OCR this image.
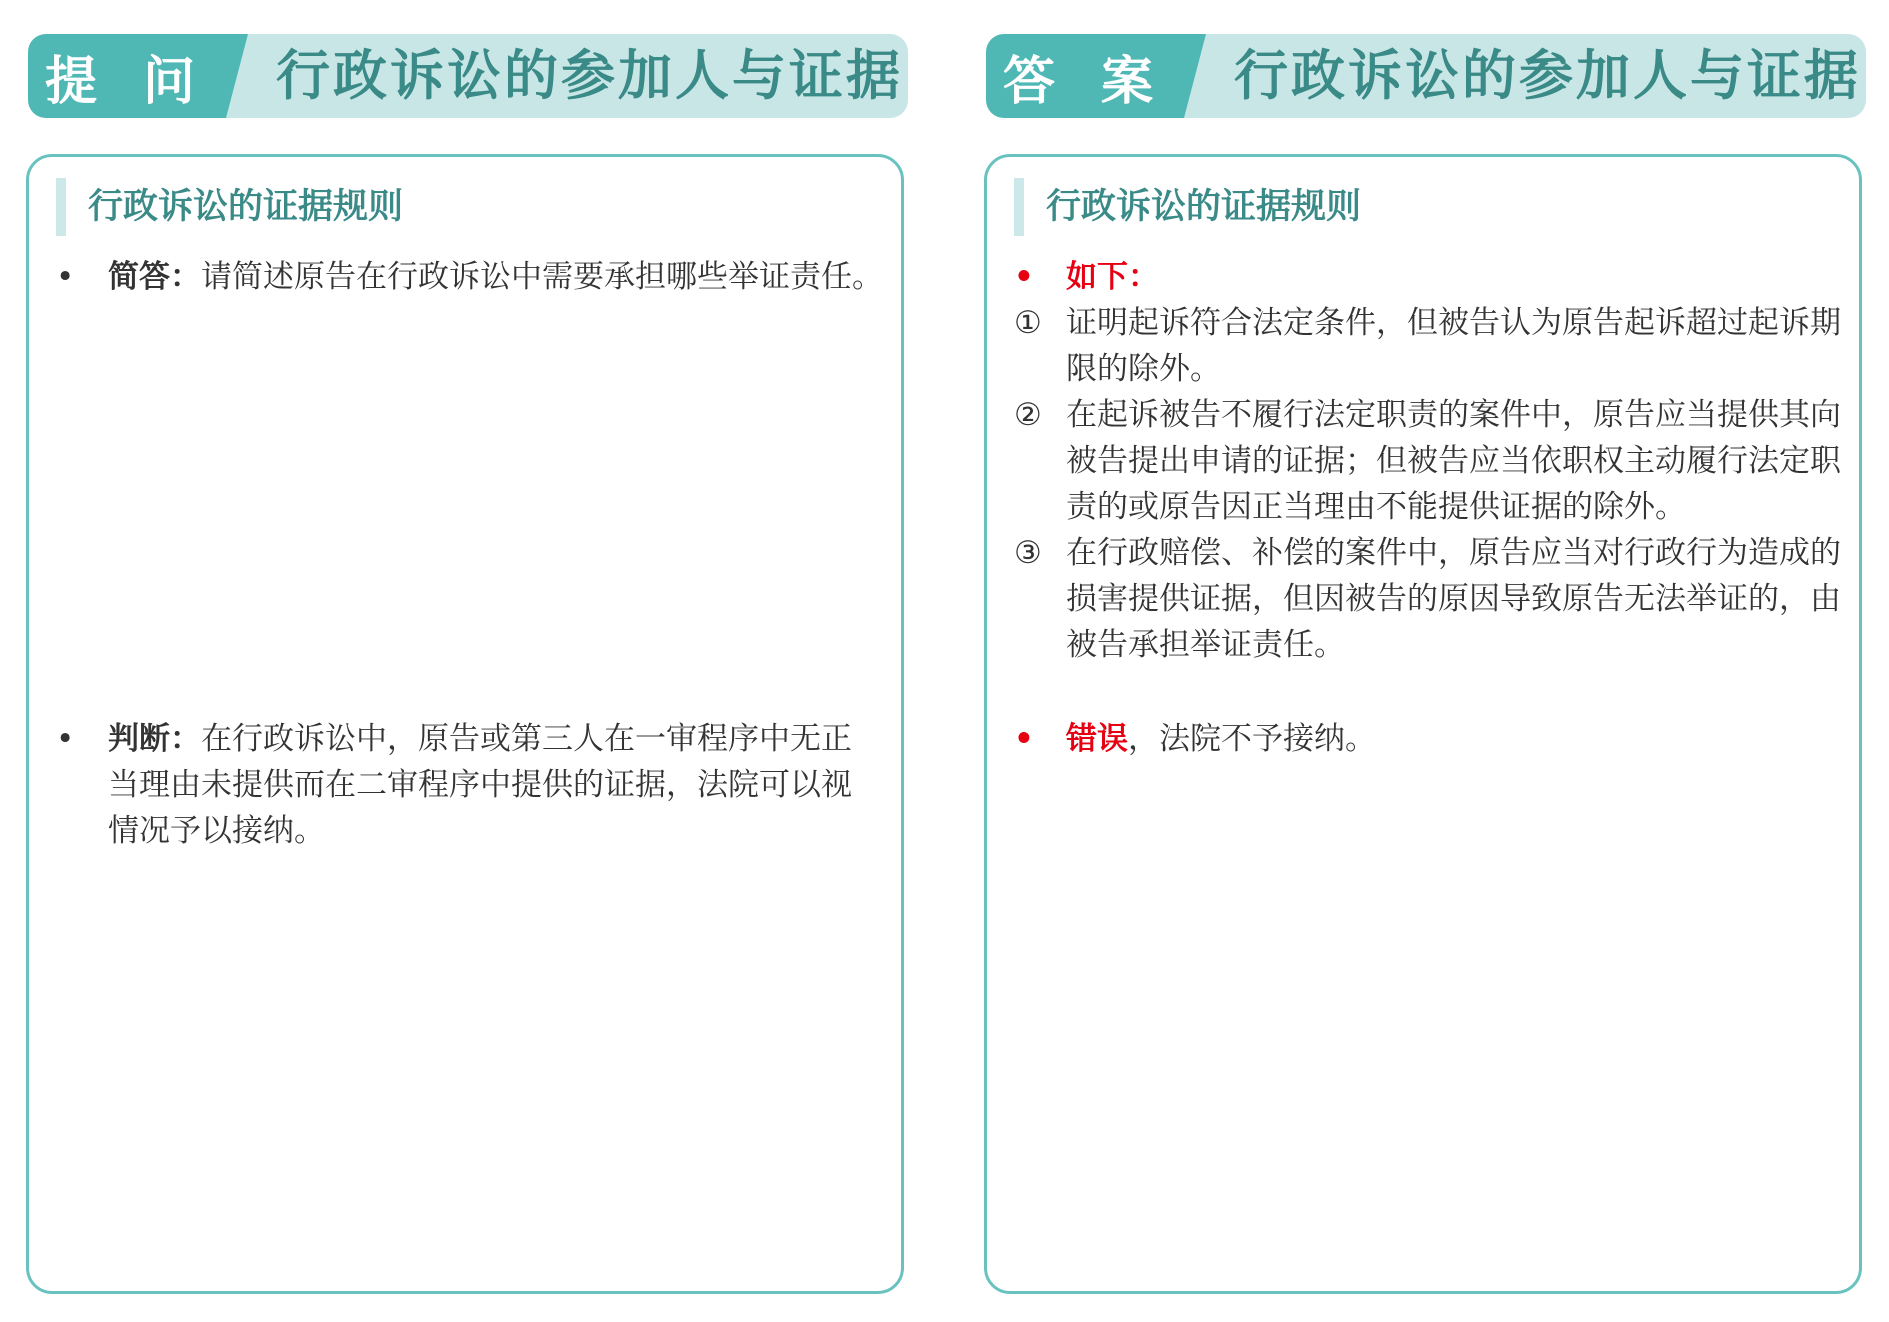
提 问	行政诉讼的参加人与证据
行政诉讼的证据规则
•	简答：请简述原告在行政诉讼中需要承担哪些举证责任。
•	判断：在行政诉讼中，原告或第三人在一审程序中无正当理由未提供而在二审程序中提供的证据，法院可以视情况予以接纳。
答 案	行政诉讼的参加人与证据
行政诉讼的证据规则
•	如下：
① 证明起诉符合法定条件，但被告认为原告起诉超过起诉期限的除外。
② 在起诉被告不履行法定职责的案件中，原告应当提供其向被告提出申请的证据；但被告应当依职权主动履行法定职责的或原告因正当理由不能提供证据的除外。
③ 在行政赔偿、补偿的案件中，原告应当对行政行为造成的损害提供证据，但因被告的原因导致原告无法举证的，由被告承担举证责任。
•	错误，法院不予接纳。
